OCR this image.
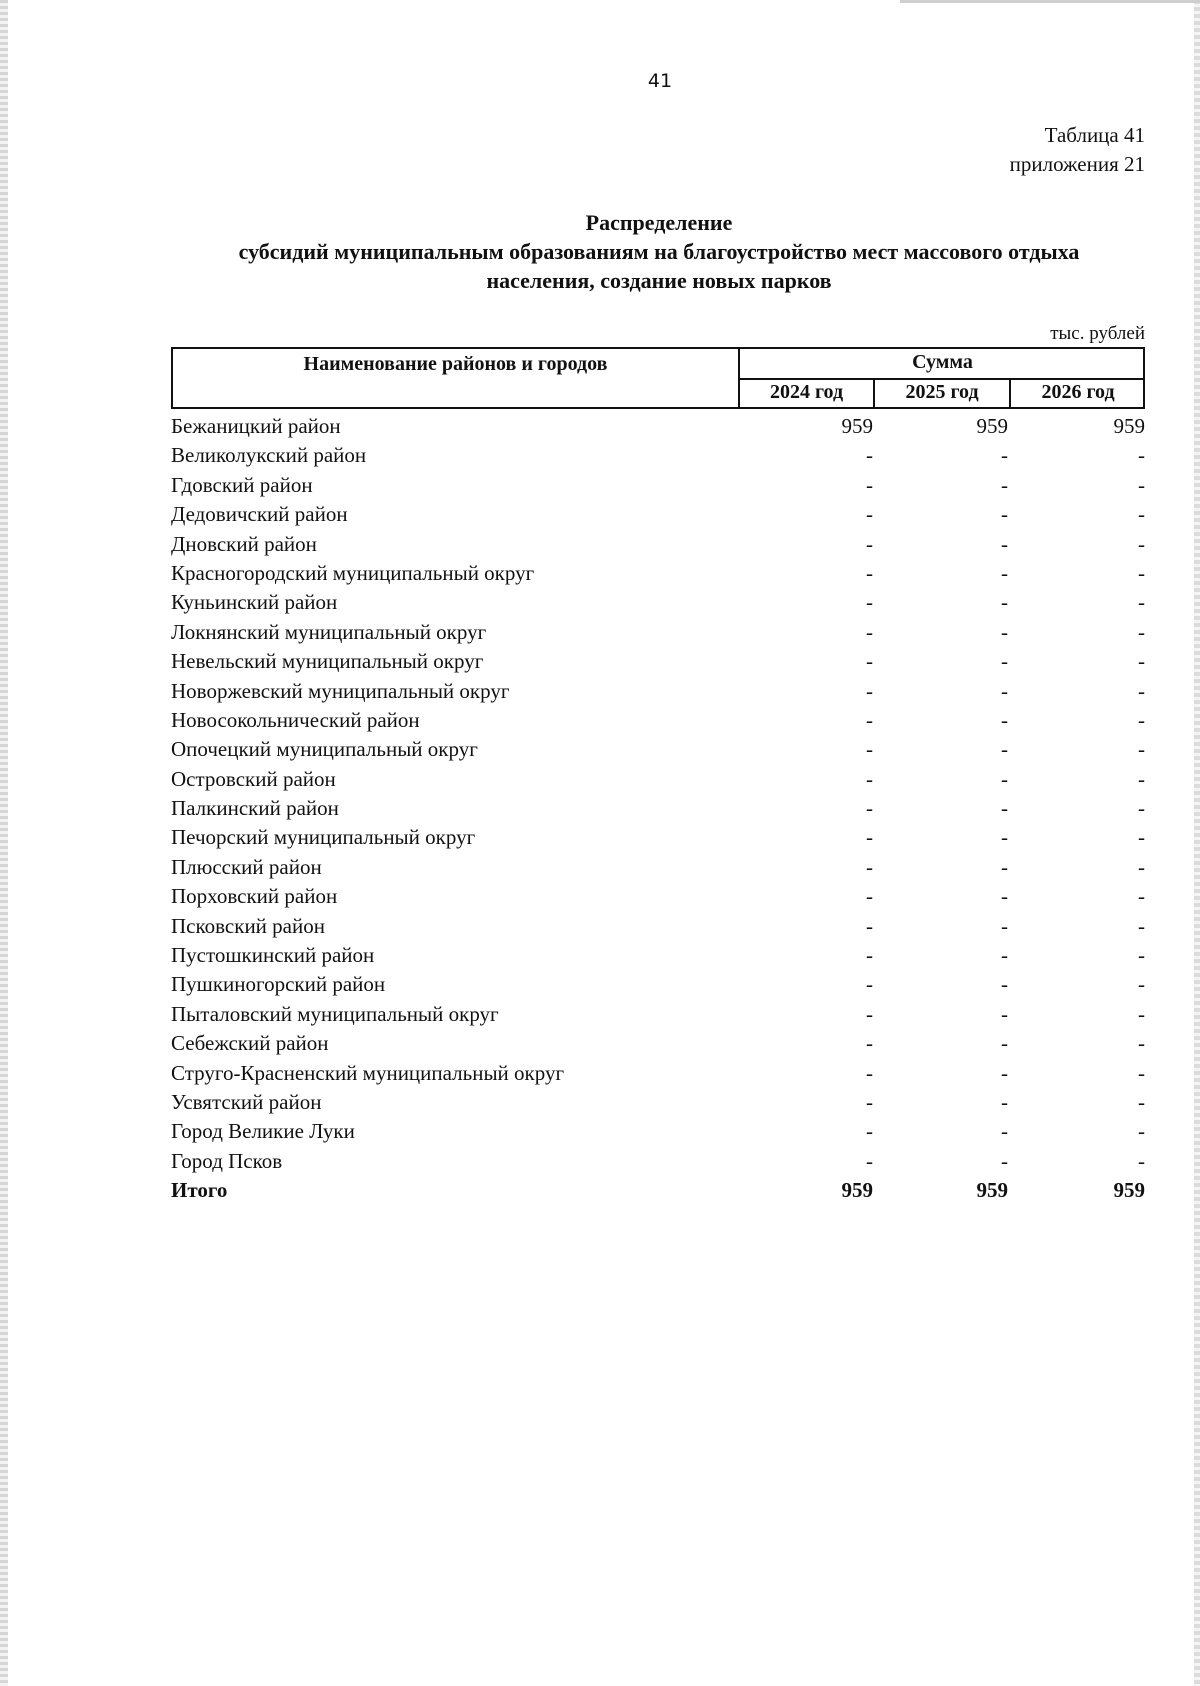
41
Таблица 41
приложения 21
Распределение
субсидий муниципальным образованиям на благоустройство мест массового отдыха
населения, создание новых парков
тыс. рублей
Наименование районов и городов	Сумма
2024 год	2025 год	2026 год
Бежаницкий район	959	959	959
Великолукский район	-	-	-
Гдовский район	-	-	-
Дедовичский район	-	-	-
Дновский район	-	-	-
Красногородский муниципальный округ	-	-	-
Куньинский район	-	-	-
Локнянский муниципальный округ	-	-	-
Невельский муниципальный округ	-	-	-
Новоржевский муниципальный округ	-	-	-
Новосокольнический район	-	-	-
Опочецкий муниципальный округ	-	-	-
Островский район	-	-	-
Палкинский район	-	-	-
Печорский муниципальный округ	-	-	-
Плюсский район	-	-	-
Порховский район	-	-	-
Псковский район	-	-	-
Пустошкинский район	-	-	-
Пушкиногорский район	-	-	-
Пыталовский муниципальный округ	-	-	-
Себежский район	-	-	-
Струго-Красненский муниципальный округ	-	-	-
Усвятский район	-	-	-
Город Великие Луки	-	-	-
Город Псков	-	-	-
Итого	959	959	959
